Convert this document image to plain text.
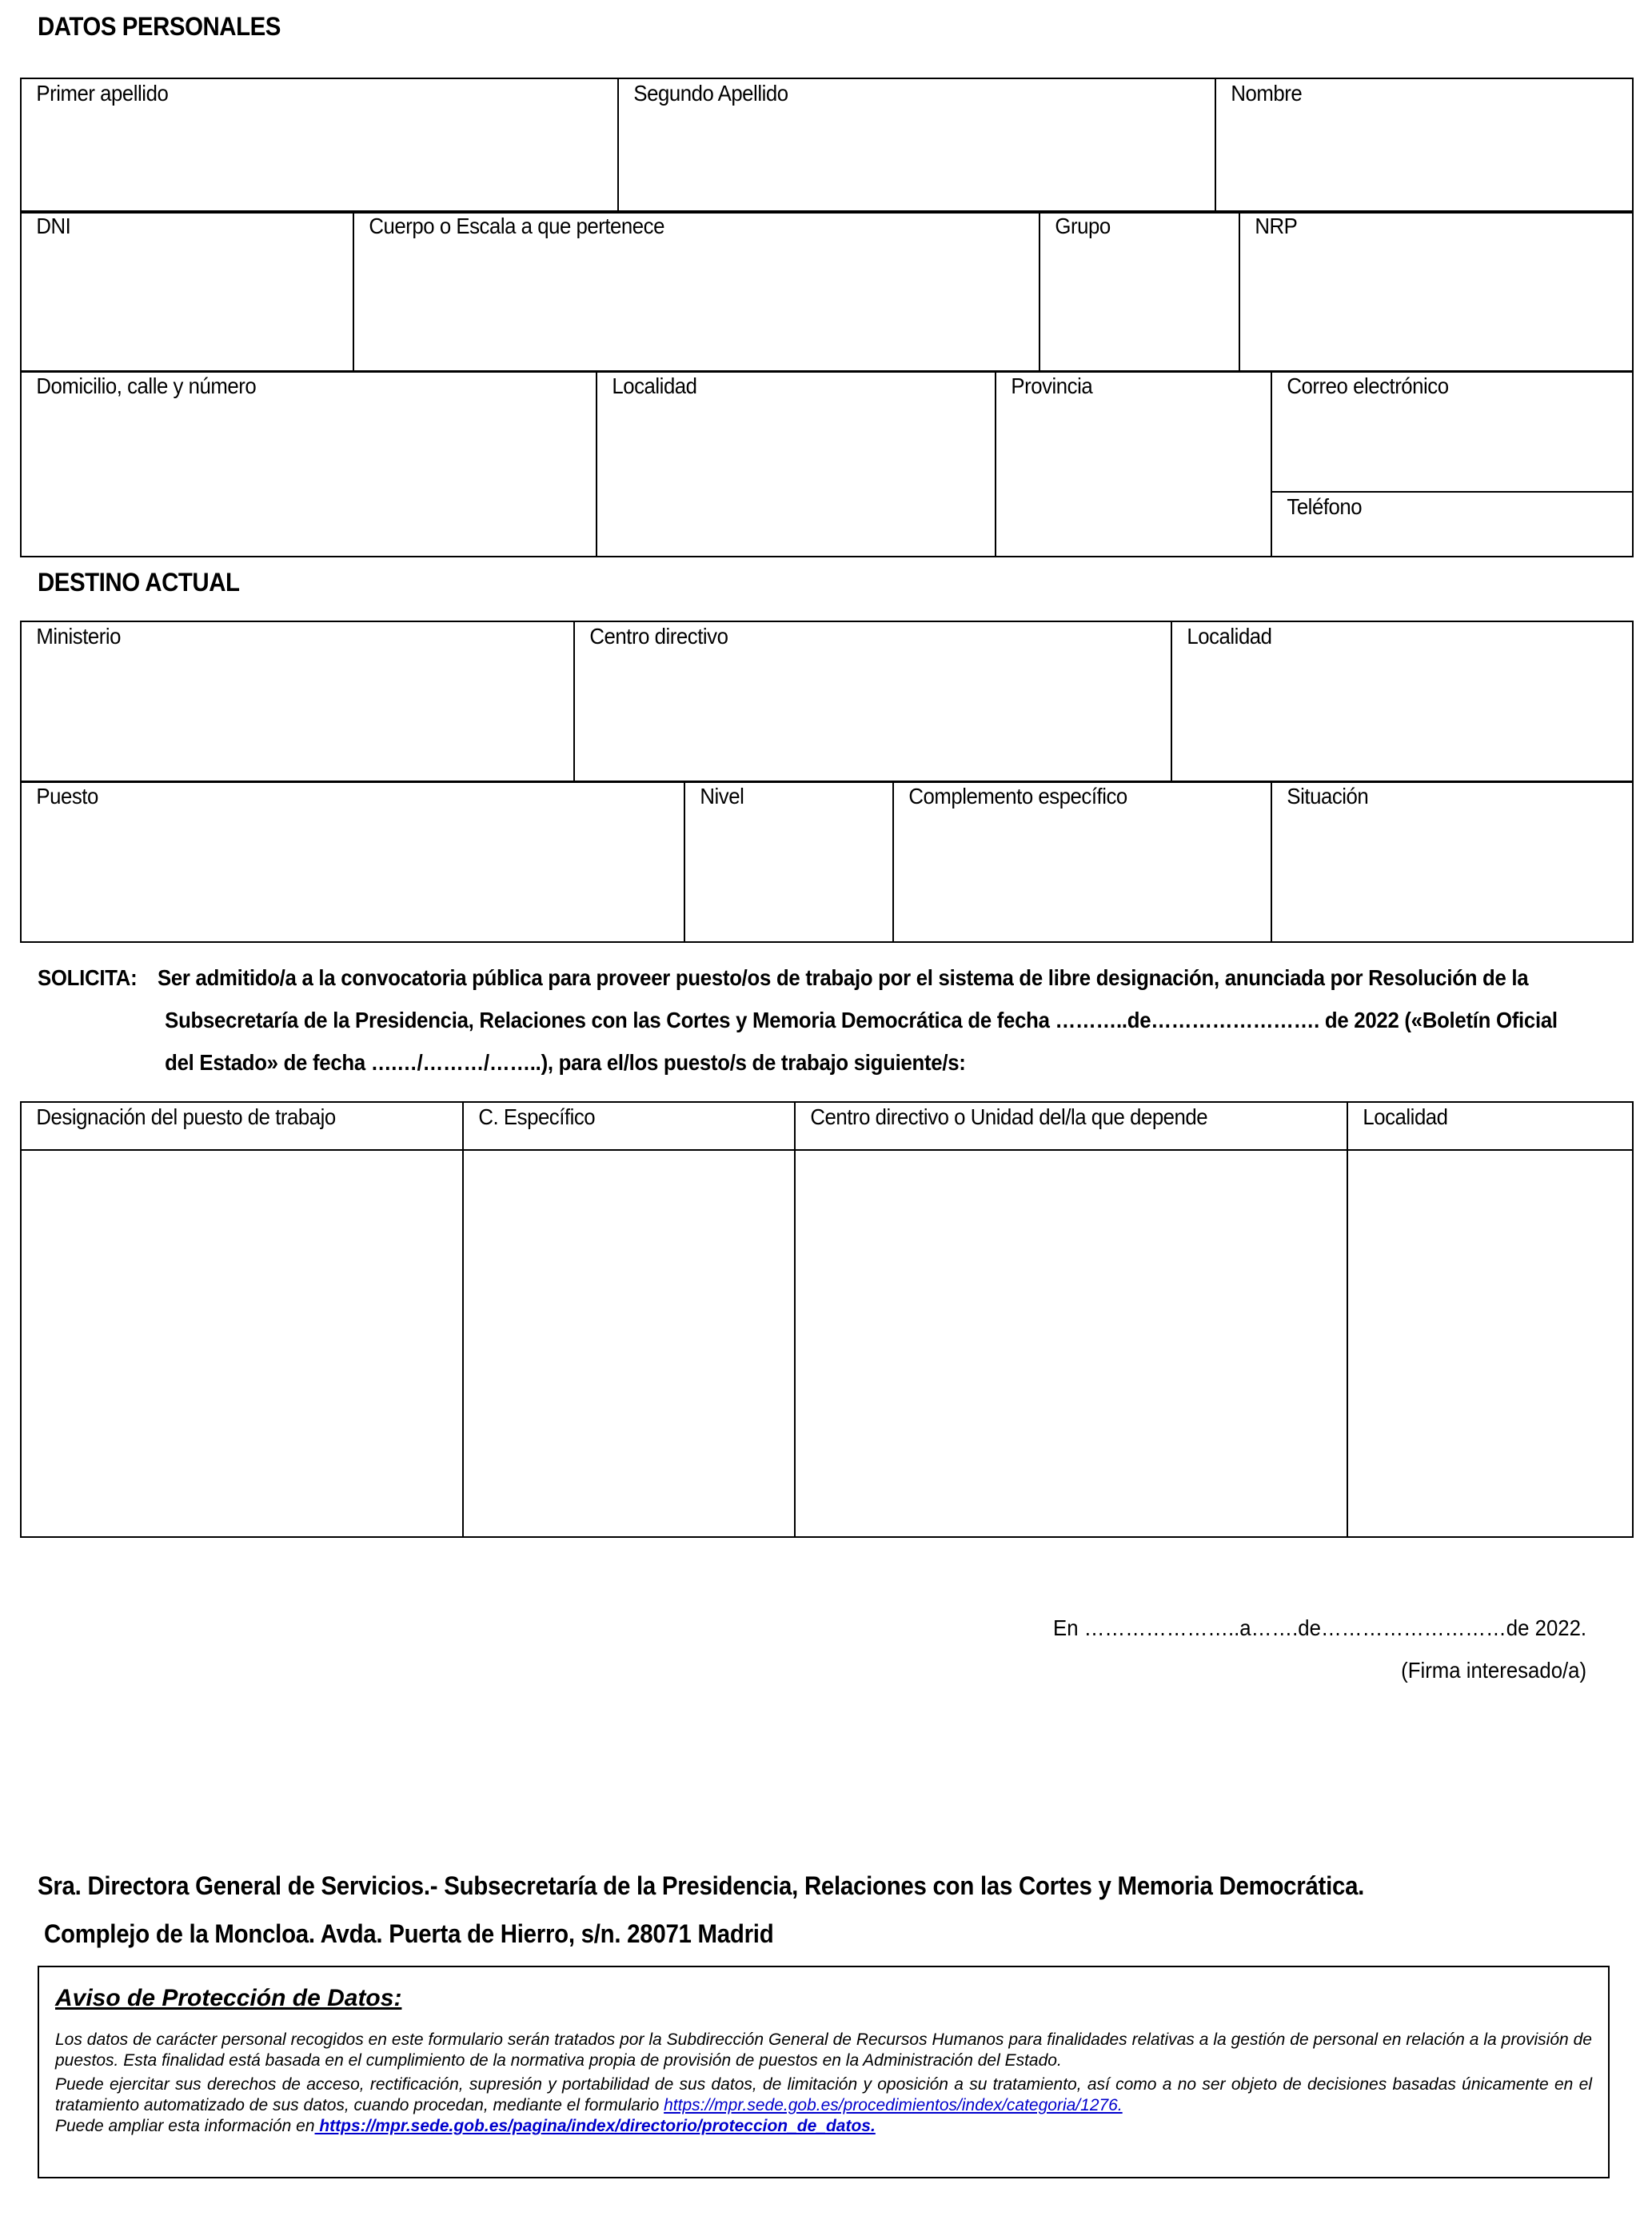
DATOS PERSONALES
Primer apellido	Segundo Apellido	Nombre
DNI	Cuerpo o Escala a que pertenece	Grupo	NRP
Domicilio, calle y número	Localidad	Provincia	Correo electrónico

Teléfono
DESTINO ACTUAL
Ministerio	Centro directivo	Localidad
Puesto	Nivel	Complemento específico	Situación
SOLICITA: Ser admitido/a a la convocatoria pública para proveer puesto/os de trabajo por el sistema de libre designación, anunciada por Resolución de la
Subsecretaría de la Presidencia, Relaciones con las Cortes y Memoria Democrática de fecha ………..de……………………. de 2022 («Boletín Oficial
del Estado» de fecha ….…/………/……..), para el/los puesto/s de trabajo siguiente/s:
Designación del puesto de trabajo	C. Específico	Centro directivo o Unidad del/la que depende	Localidad

En …………………..a…….de………………………de 2022.
(Firma interesado/a)
Sra. Directora General de Servicios.- Subsecretaría de la Presidencia, Relaciones con las Cortes y Memoria Democrática.
Complejo de la Moncloa. Avda. Puerta de Hierro, s/n. 28071 Madrid
Aviso de Protección de Datos:

Los datos de carácter personal recogidos en este formulario serán tratados por la Subdirección General de Recursos Humanos para finalidades relativas a la gestión de personal en relación a la provisión de puestos. Esta finalidad está basada en el cumplimiento de la normativa propia de provisión de puestos en la Administración del Estado.

Puede ejercitar sus derechos de acceso, rectificación, supresión y portabilidad de sus datos, de limitación y oposición a su tratamiento, así como a no ser objeto de decisiones basadas únicamente en el tratamiento automatizado de sus datos, cuando procedan, mediante el formulario https://mpr.sede.gob.es/procedimientos/index/categoria/1276.
Puede ampliar esta información en https://mpr.sede.gob.es/pagina/index/directorio/proteccion_de_datos.
